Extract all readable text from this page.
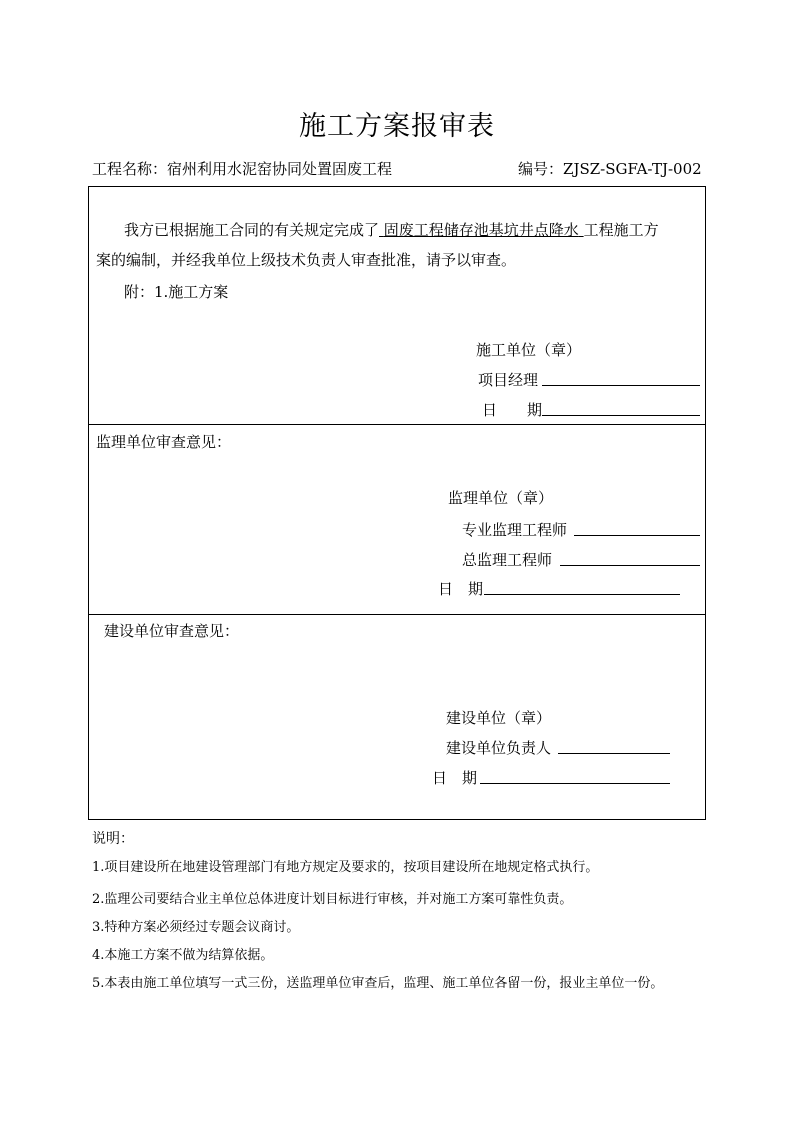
施工方案报审表
工程名称：宿州利用水泥窑协同处置固废工程	编号：ZJSZ-SGFA-TJ-002
我方已根据施工合同的有关规定完成了 固废工程储存池基坑井点降水 工程施工方
案的编制，并经我单位上级技术负责人审查批准，请予以审查。
附：1.施工方案
施工单位（章）
项目经理
日　　期
监理单位审查意见：
监理单位（章）
专业监理工程师
总监理工程师
日　期
建设单位审查意见：
建设单位（章）
建设单位负责人
日　期
说明：
1.项目建设所在地建设管理部门有地方规定及要求的，按项目建设所在地规定格式执行。
2.监理公司要结合业主单位总体进度计划目标进行审核，并对施工方案可靠性负责。
3.特种方案必须经过专题会议商讨。
4.本施工方案不做为结算依据。
5.本表由施工单位填写一式三份，送监理单位审查后，监理、施工单位各留一份，报业主单位一份。
